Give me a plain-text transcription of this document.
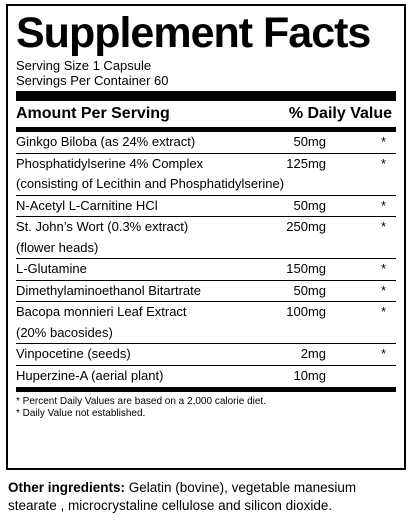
Supplement Facts
Serving Size 1 Capsule
Servings Per Container 60
Amount Per Serving	% Daily Value
Ginkgo Biloba (as 24% extract)	50mg	*
Phosphatidylserine 4% Complex
(consisting of Lecithin and Phosphatidylserine)
125mg	*
N-Acetyl L-Carnitine HCl	50mg	*
St. John’s Wort (0.3% extract)
(flower heads)
250mg	*
L-Glutamine	150mg	*
Dimethylaminoethanol Bitartrate	50mg	*
Bacopa monnieri Leaf Extract
(20% bacosides)
100mg	*
Vinpocetine (seeds)	2mg	*
Huperzine-A (aerial plant)	10mg
* Percent Daily Values are based on a 2,000 calorie diet.
* Daily Value not established.
Other ingredients: Gelatin (bovine), vegetable manesium stearate , microcrystaline cellulose and silicon dioxide.
